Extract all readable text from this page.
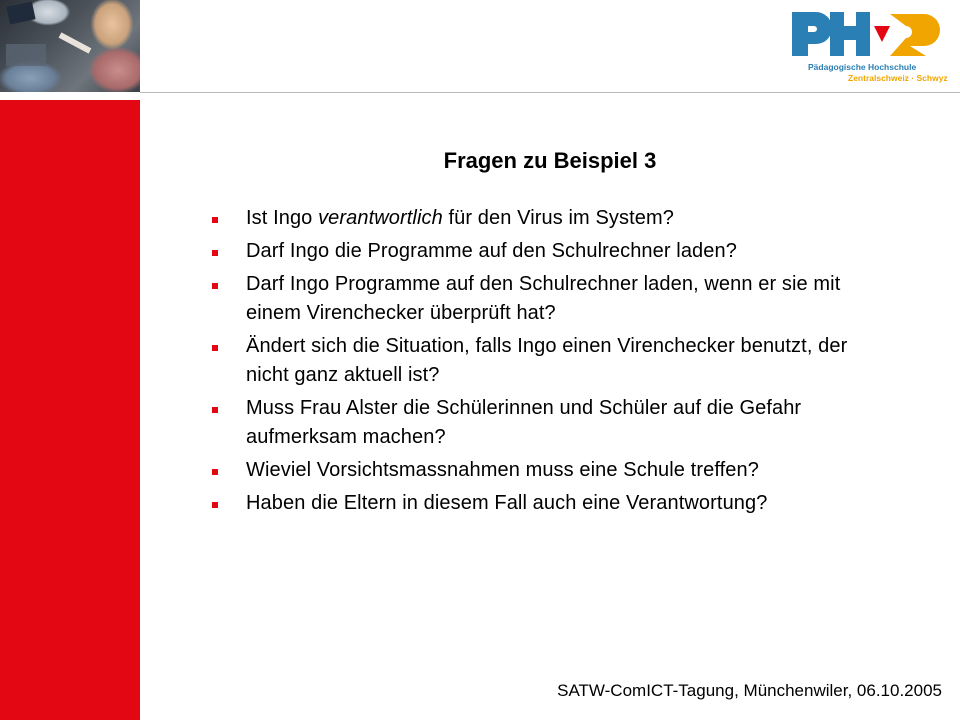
Pädagogische Hochschule
Zentralschweiz · Schwyz
Fragen zu Beispiel 3
Ist Ingo verantwortlich für den Virus im System?
Darf Ingo die Programme auf den Schulrechner laden?
Darf Ingo Programme auf den Schulrechner laden, wenn er sie mit einem Virenchecker überprüft hat?
Ändert sich die Situation, falls Ingo einen Virenchecker benutzt, der nicht ganz aktuell ist?
Muss Frau Alster die Schülerinnen und Schüler auf die Gefahr aufmerksam machen?
Wieviel Vorsichtsmassnahmen muss eine Schule treffen?
Haben die Eltern in diesem Fall auch eine Verantwortung?
SATW-ComICT-Tagung, Münchenwiler, 06.10.2005
